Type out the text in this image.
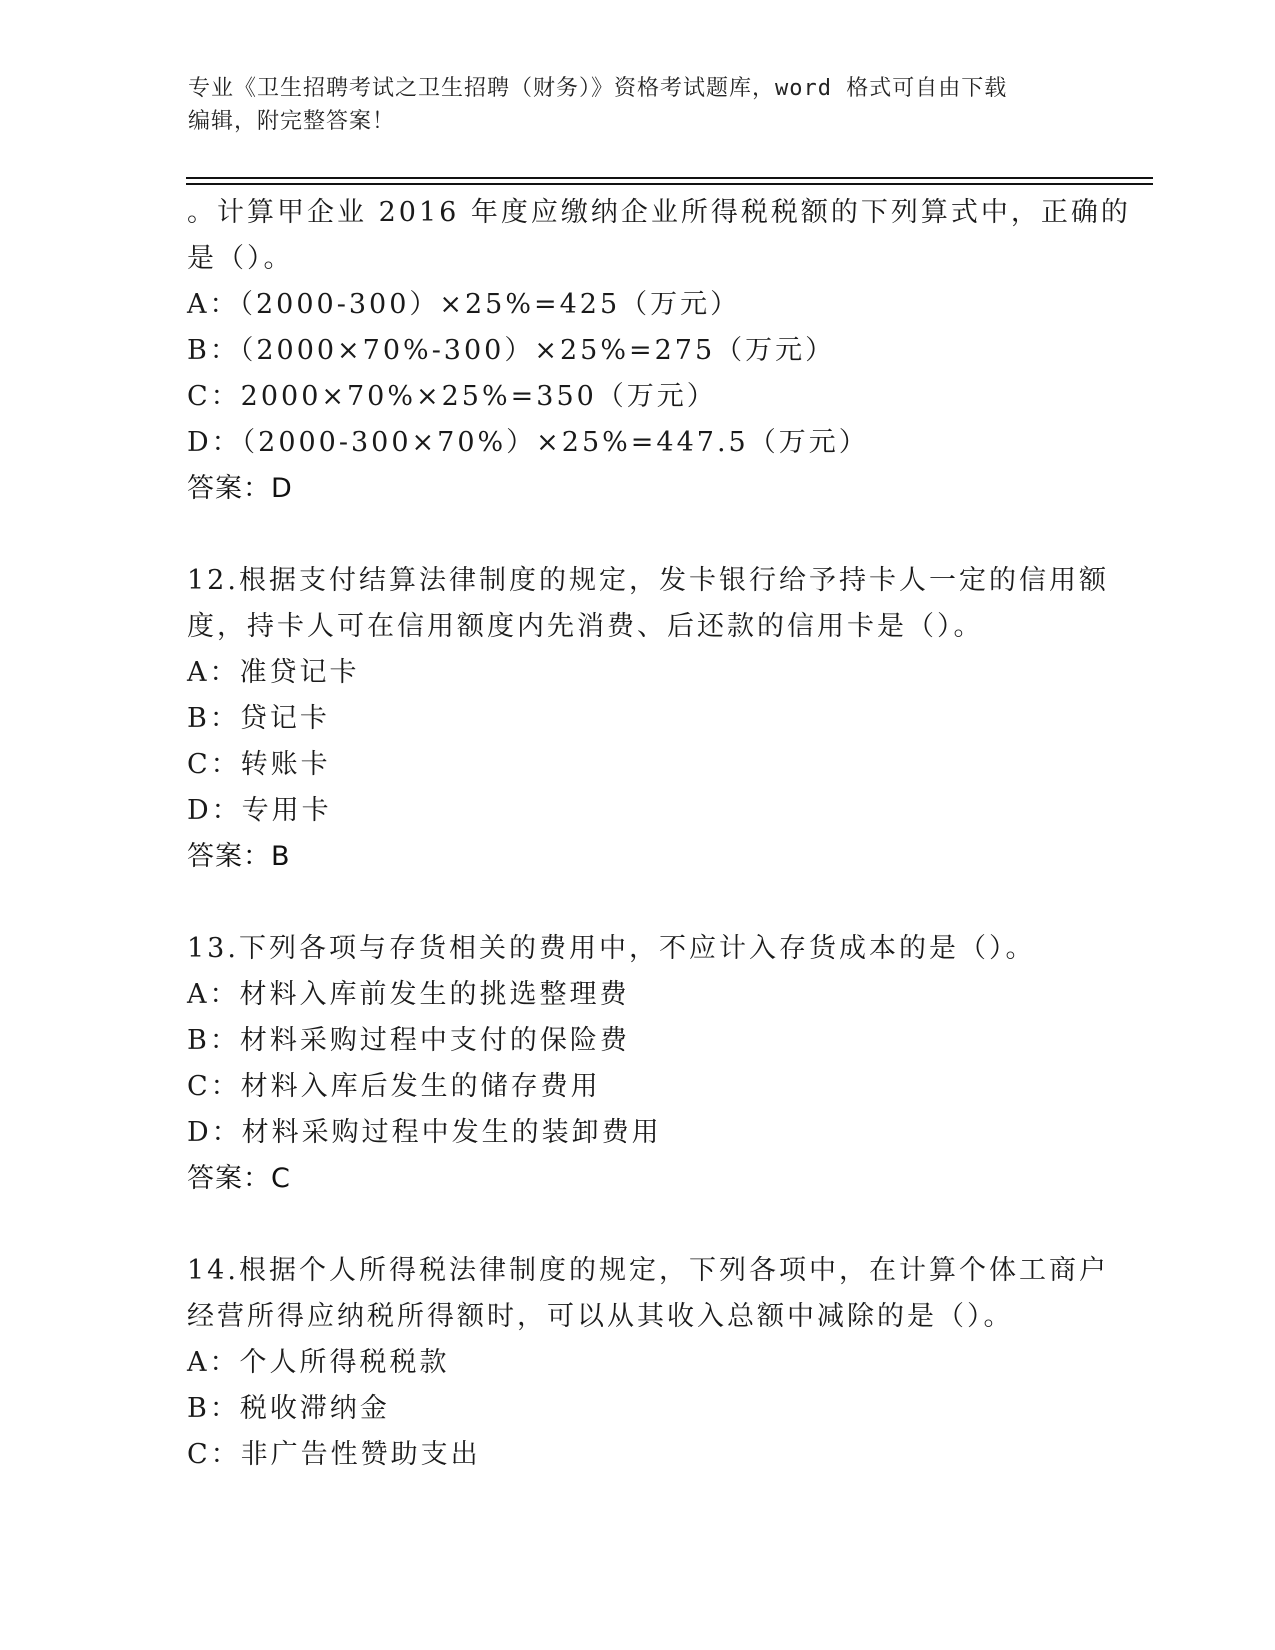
专业《卫生招聘考试之卫生招聘（财务）》资格考试题库，word 格式可自由下载
编辑，附完整答案！
。计算甲企业 2016 年度应缴纳企业所得税税额的下列算式中，正确的
是（）。
A：（2000-300）×25%=425（万元）
B：（2000×70%-300）×25%=275（万元）
C：2000×70%×25%=350（万元）
D：（2000-300×70%）×25%=447.5（万元）
答案：D
12.根据支付结算法律制度的规定，发卡银行给予持卡人一定的信用额
度，持卡人可在信用额度内先消费、后还款的信用卡是（）。
A：准贷记卡
B：贷记卡
C：转账卡
D：专用卡
答案：B
13.下列各项与存货相关的费用中，不应计入存货成本的是（）。
A：材料入库前发生的挑选整理费
B：材料采购过程中支付的保险费
C：材料入库后发生的储存费用
D：材料采购过程中发生的装卸费用
答案：C
14.根据个人所得税法律制度的规定，下列各项中，在计算个体工商户
经营所得应纳税所得额时，可以从其收入总额中减除的是（）。
A：个人所得税税款
B：税收滞纳金
C：非广告性赞助支出
